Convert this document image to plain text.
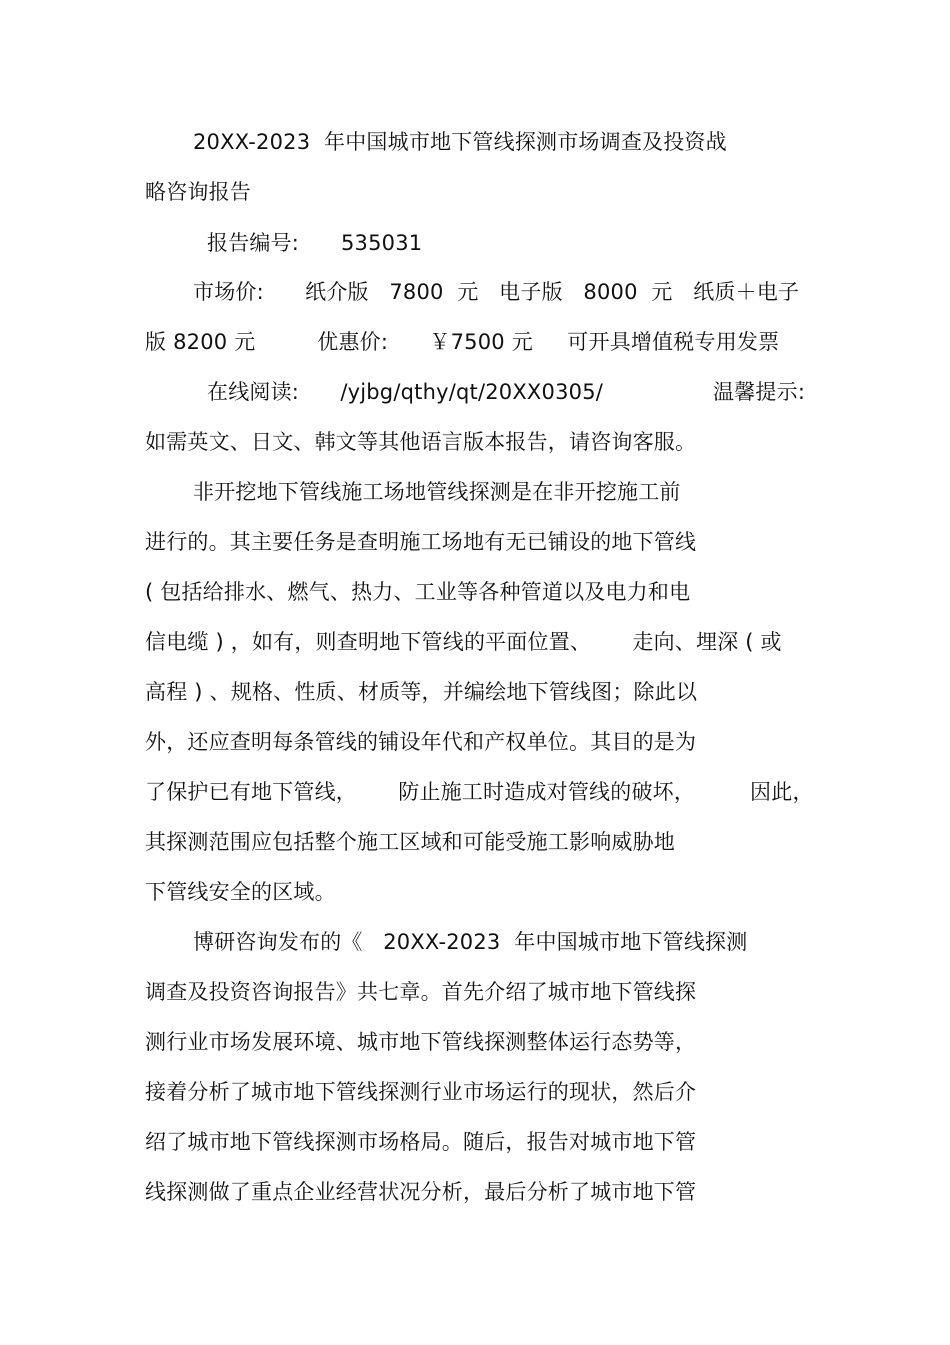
20XX-2023  年中国城市地下管线探测市场调查及投资战
略咨询报告
报告编号: 535031
市场价:      纸介版   7800  元   电子版   8000  元   纸质＋电子
版 8200 元         优惠价:      ￥7500 元     可开具增值税专用发票
在线阅读:      /yjbg/qthy/qt/20XX0305/                温馨提示:
如需英文、日文、韩文等其他语言版本报告，请咨询客服。
非开挖地下管线施工场地管线探测是在非开挖施工前
进行的。其主要任务是查明施工场地有无已铺设的地下管线
( 包括给排水、燃气、热力、工业等各种管道以及电力和电
信电缆 ) ，如有，则查明地下管线的平面位置、      走向、埋深 ( 或
高程 ) 、规格、性质、材质等，并编绘地下管线图；除此以
外，还应查明每条管线的铺设年代和产权单位。其目的是为
了保护已有地下管线，      防止施工时造成对管线的破坏，        因此，
其探测范围应包括整个施工区域和可能受施工影响威胁地
下管线安全的区域。
博研咨询发布的《   20XX-2023  年中国城市地下管线探测
调查及投资咨询报告》共七章。首先介绍了城市地下管线探
测行业市场发展环境、城市地下管线探测整体运行态势等，
接着分析了城市地下管线探测行业市场运行的现状，然后介
绍了城市地下管线探测市场格局。随后，报告对城市地下管
线探测做了重点企业经营状况分析，最后分析了城市地下管
